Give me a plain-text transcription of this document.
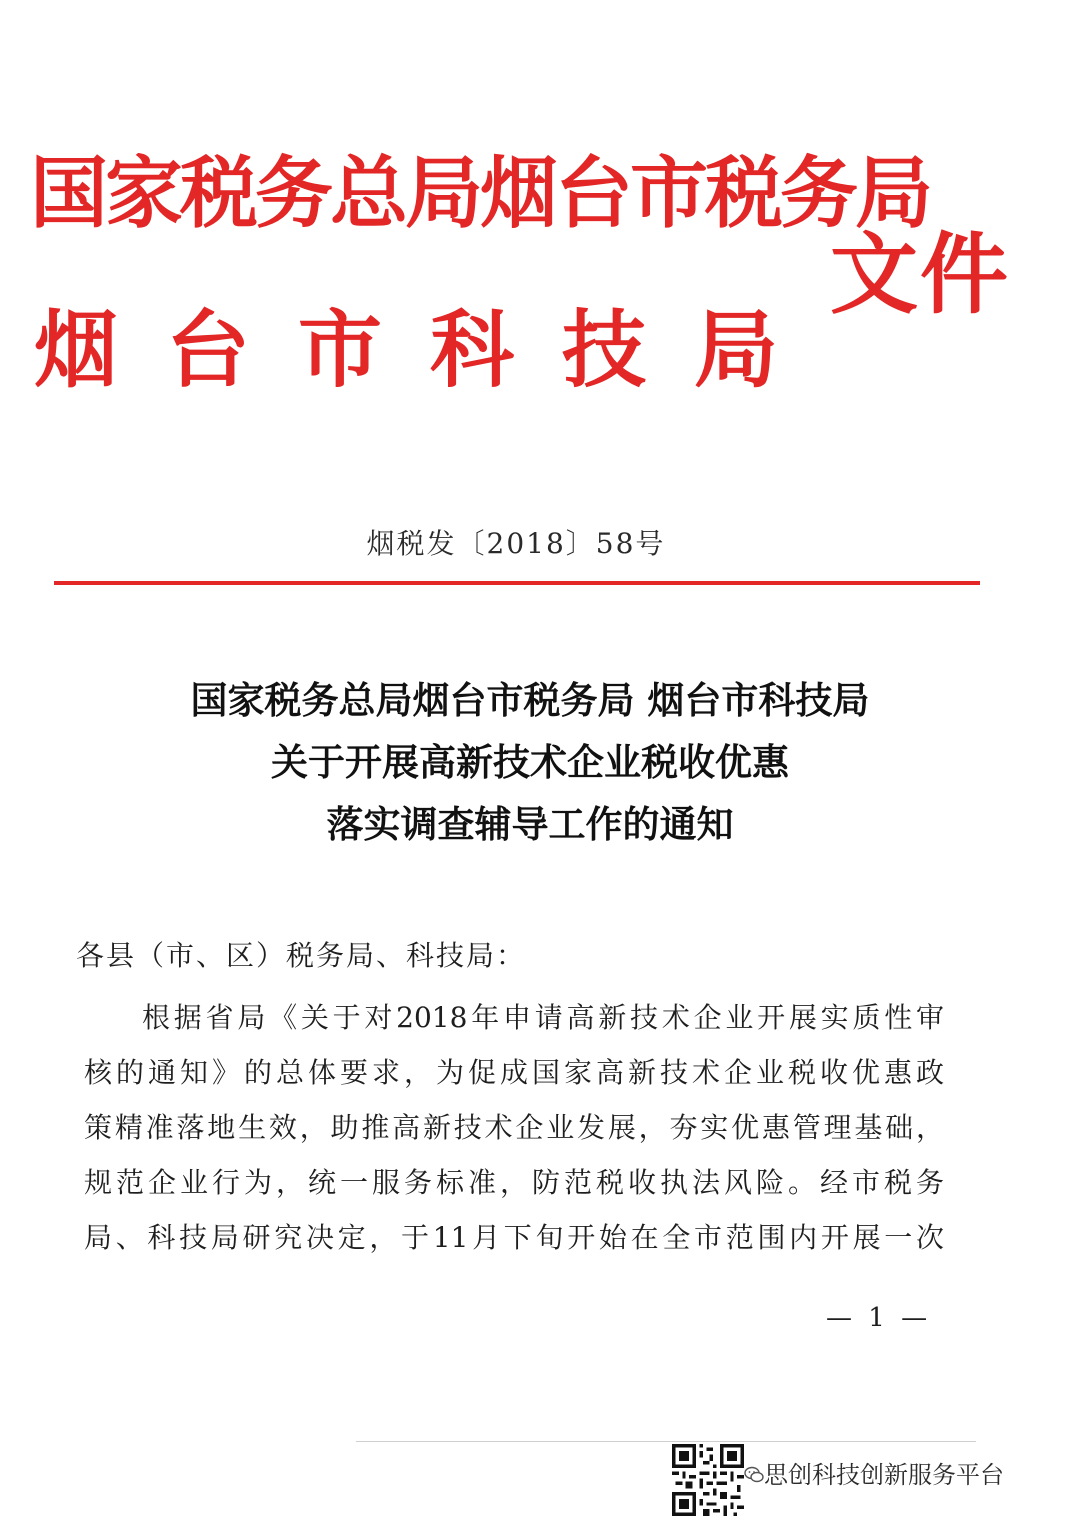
国家税务总局烟台市税务局
烟台市科技局
文件
烟税发〔2018〕58号
国家税务总局烟台市税务局 烟台市科技局
关于开展高新技术企业税收优惠
落实调查辅导工作的通知
各县（市、区）税务局、科技局：
根据省局《关于对2018年申请高新技术企业开展实质性审
核的通知》的总体要求，为促成国家高新技术企业税收优惠政
策精准落地生效，助推高新技术企业发展，夯实优惠管理基础，
规范企业行为，统一服务标准，防范税收执法风险。经市税务
局、科技局研究决定，于11月下旬开始在全市范围内开展一次
— 1 —
思创科技创新服务平台
